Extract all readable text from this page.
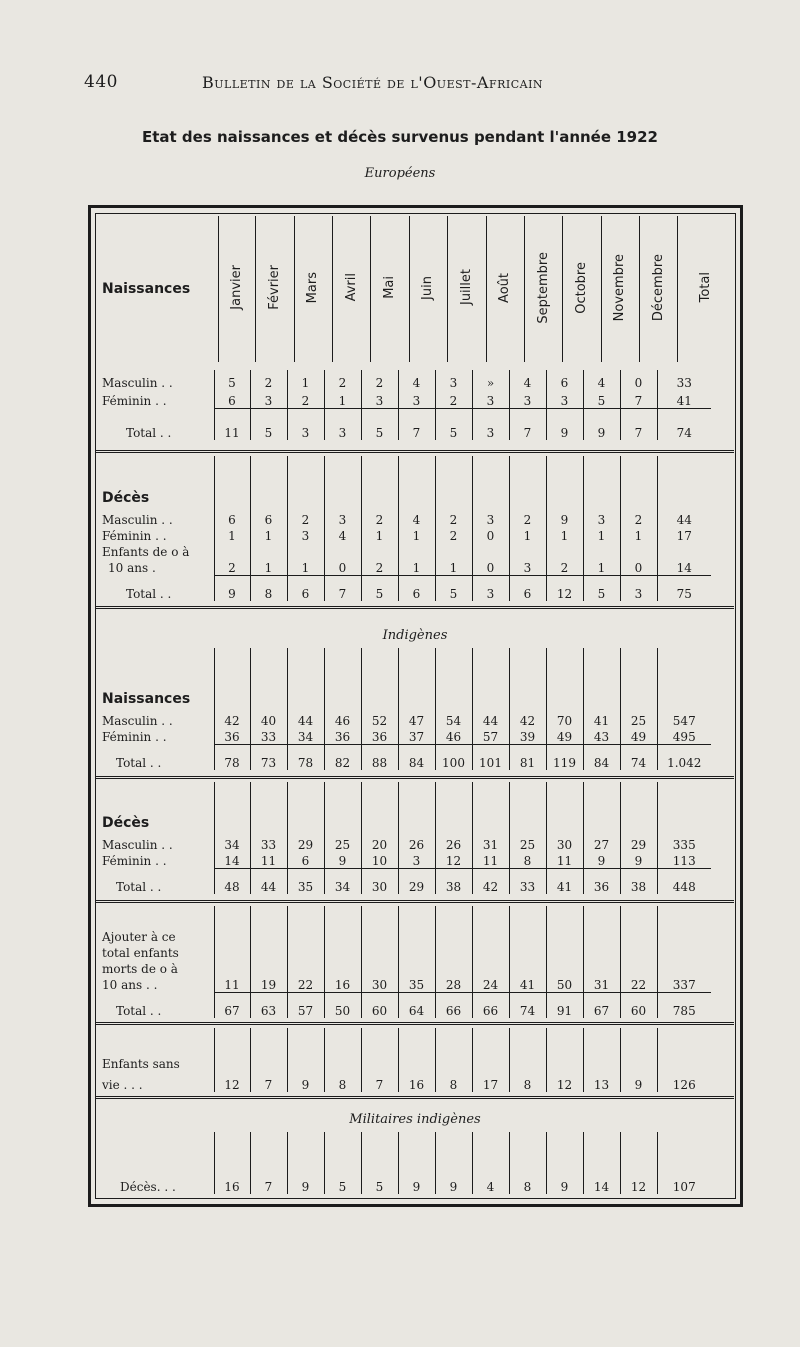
440	Bulletin de la Société de l'Ouest-Africain
Etat des naissances et décès survenus pendant l'année 1922
Européens
Naissances	Janvier	Février	Mars	Avril	Mai	Juin	Juillet	Août	Septembre	Octobre	Novembre	Décembre	Total
Masculin . .	5	2	1	2	2	4	3	»	4	6	4	0	33
Féminin . .	6	3	2	1	3	3	2	3	3	3	5	7	41
Total . .	11	5	3	3	5	7	5	3	7	9	9	7	74
Décès													
Masculin . .	6	6	2	3	2	4	2	3	2	9	3	2	44
Féminin . .	1	1	3	4	1	1	2	0	1	1	1	1	17
Enfants de o à													
10 ans .	2	1	1	0	2	1	1	0	3	2	1	0	14
Total . .	9	8	6	7	5	6	5	3	6	12	5	3	75
Naissances													
Masculin . .	42	40	44	46	52	47	54	44	42	70	41	25	547
Féminin . .	36	33	34	36	36	37	46	57	39	49	43	49	495
Total . .	78	73	78	82	88	84	100	101	81	119	84	74	1.042
Décès													
Masculin . .	34	33	29	25	20	26	26	31	25	30	27	29	335
Féminin . .	14	11	6	9	10	3	12	11	8	11	9	9	113
Total . .	48	44	35	34	30	29	38	42	33	41	36	38	448

Ajouter à ce													
total enfants													
morts de o à													
10 ans . .	11	19	22	16	30	35	28	24	41	50	31	22	337
Total . .	67	63	57	50	60	64	66	66	74	91	67	60	785

Enfants sans													
vie . . .	12	7	9	8	7	16	8	17	8	12	13	9	126

Décès. . .	16	7	9	5	5	9	9	4	8	9	14	12	107
Indigènes
Militaires indigènes
